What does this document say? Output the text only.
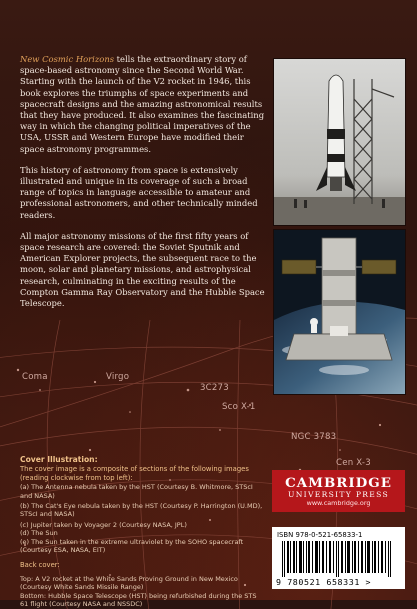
Coma	Virgo
3C273
Sco X-1
NGC 3783
Cen X-3

New Cosmic Horizons tells the extraordinary story of space-based astronomy since the Second World War. Starting with the launch of the V2 rocket in 1946, this book explores the triumphs of space experiments and spacecraft designs and the amazing astronomical results that they have produced. It also examines the fascinating way in which the changing political imperatives of the USA, USSR and Western Europe have modified their space astronomy programmes.

This history of astronomy from space is extensively illustrated and unique in its coverage of such a broad range of topics in language accessible to amateur and professional astronomers, and other technically minded readers.

All major astronomy missions of the first fifty years of space research are covered: the Soviet Sputnik and American Explorer projects, the subsequent race to the moon, solar and planetary missions, and astrophysical research, culminating in the exciting results of the Compton Gamma Ray Observatory and the Hubble Space Telescope.

Cover Illustration:
The cover image is a composite of sections of the following images (reading clockwise from top left):
(a) The Antenna nebula taken by the HST (Courtesy B. Whitmore, STScI and NASA)
(b) The Cat's Eye nebula taken by the HST (Courtesy P. Harrington (U.MD), STScI and NASA)
(c) Jupiter taken by Voyager 2 (Courtesy NASA, JPL)
(d) The Sun
(e) The Sun taken in the extreme ultraviolet by the SOHO spacecraft (Courtesy ESA, NASA, EIT)
Back cover:
Top: A V2 rocket at the White Sands Proving Ground in New Mexico (Courtesy White Sands Missile Range)
Bottom: Hubble Space Telescope (HST) being refurbished during the STS 61 flight (Courtesy NASA and NSSDC)
CAMBRIDGE
UNIVERSITY PRESS
www.cambridge.org
ISBN 978-0-521-65833-1
9 780521 658331 >
